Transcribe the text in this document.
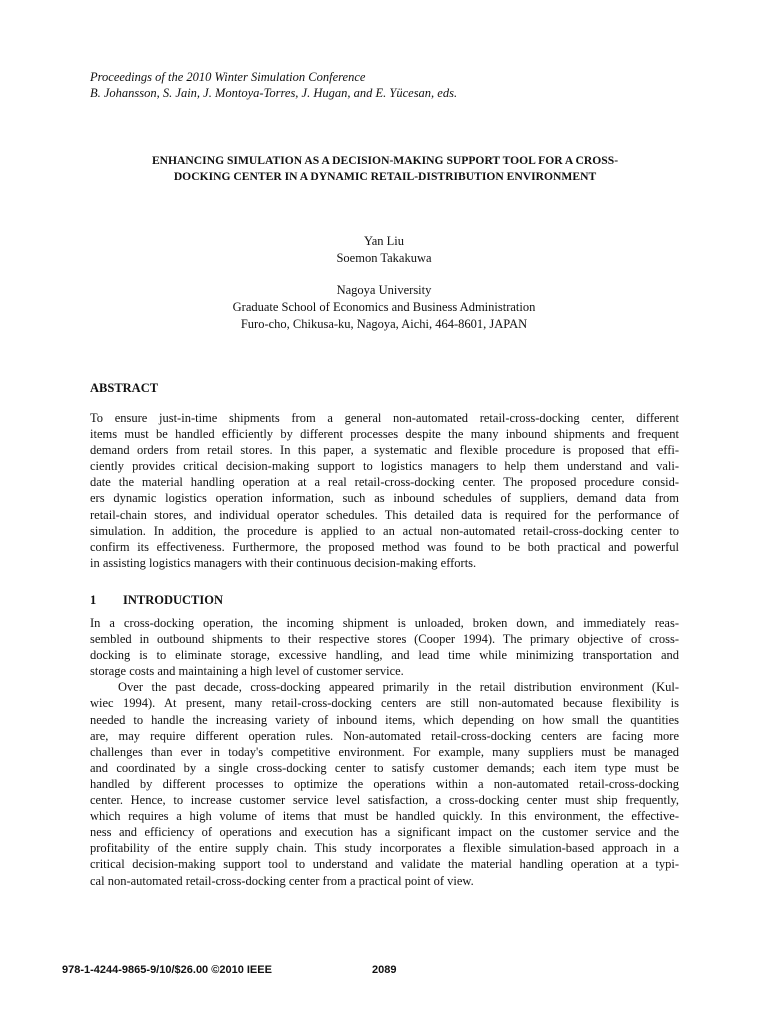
Proceedings of the 2010 Winter Simulation Conference
B. Johansson, S. Jain, J. Montoya-Torres, J. Hugan, and E. Yücesan, eds.
ENHANCING SIMULATION AS A DECISION-MAKING SUPPORT TOOL FOR A CROSS-
DOCKING CENTER IN A DYNAMIC RETAIL-DISTRIBUTION ENVIRONMENT
Yan Liu
Soemon Takakuwa
Nagoya University
Graduate School of Economics and Business Administration
Furo-cho, Chikusa-ku, Nagoya, Aichi, 464-8601, JAPAN
ABSTRACT
To ensure just-in-time shipments from a general non-automated retail-cross-docking center, different
items must be handled efficiently by different processes despite the many inbound shipments and frequent
demand orders from retail stores. In this paper, a systematic and flexible procedure is proposed that effi-
ciently provides critical decision-making support to logistics managers to help them understand and vali-
date the material handling operation at a real retail-cross-docking center. The proposed procedure consid-
ers dynamic logistics operation information, such as inbound schedules of suppliers, demand data from
retail-chain stores, and individual operator schedules. This detailed data is required for the performance of
simulation. In addition, the procedure is applied to an actual non-automated retail-cross-docking center to
confirm its effectiveness. Furthermore, the proposed method was found to be both practical and powerful
in assisting logistics managers with their continuous decision-making efforts.
1 INTRODUCTION
In a cross-docking operation, the incoming shipment is unloaded, broken down, and immediately reas-
sembled in outbound shipments to their respective stores (Cooper 1994). The primary objective of cross-
docking is to eliminate storage, excessive handling, and lead time while minimizing transportation and
storage costs and maintaining a high level of customer service.
Over the past decade, cross-docking appeared primarily in the retail distribution environment (Kul-
wiec 1994). At present, many retail-cross-docking centers are still non-automated because flexibility is
needed to handle the increasing variety of inbound items, which depending on how small the quantities
are, may require different operation rules. Non-automated retail-cross-docking centers are facing more
challenges than ever in today's competitive environment. For example, many suppliers must be managed
and coordinated by a single cross-docking center to satisfy customer demands; each item type must be
handled by different processes to optimize the operations within a non-automated retail-cross-docking
center. Hence, to increase customer service level satisfaction, a cross-docking center must ship frequently,
which requires a high volume of items that must be handled quickly. In this environment, the effective-
ness and efficiency of operations and execution has a significant impact on the customer service and the
profitability of the entire supply chain. This study incorporates a flexible simulation-based approach in a
critical decision-making support tool to understand and validate the material handling operation at a typi-
cal non-automated retail-cross-docking center from a practical point of view.
978-1-4244-9865-9/10/$26.00 ©2010 IEEE	2089
